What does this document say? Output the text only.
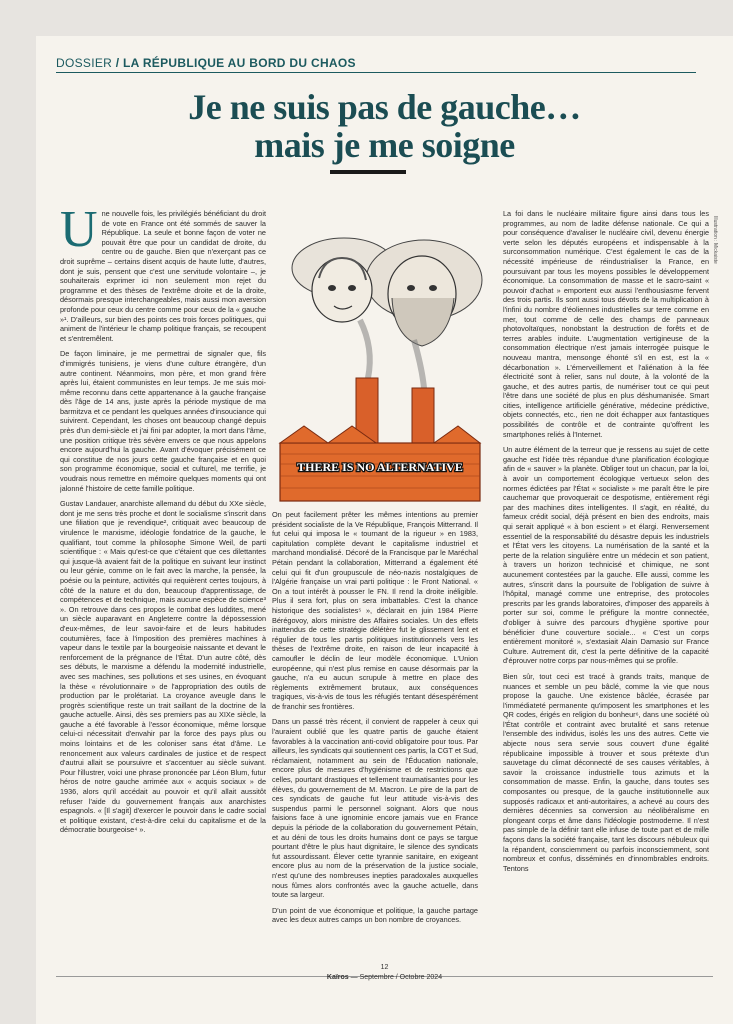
DOSSIER / LA RÉPUBLIQUE AU BORD DU CHAOS
Je ne suis pas de gauche…
mais je me soigne
Illustration : Mickaiste

Une nouvelle fois, les privilégiés bénéficiant du droit de vote en France ont été sommés de sauver la République. La seule et bonne façon de voter ne pouvait être que pour un candidat de droite, du centre ou de gauche. Bien que n'exerçant pas ce droit suprême – certains disent acquis de haute lutte, d'autres, dont je suis, pensent que c'est une servitude volontaire –, je souhaiterais exprimer ici non seulement mon rejet du programme et des thèses de l'extrême droite et de la droite, désormais presque interchangeables, mais aussi mon aversion profonde pour ceux du centre comme pour ceux de la « gauche »¹. D'ailleurs, sur bien des points ces trois forces politiques, qui animent de l'intérieur le champ politique français, se recoupent et s'entremêlent.

De façon liminaire, je me permettrai de signaler que, fils d'immigrés tunisiens, je viens d'une culture étrangère, d'un autre continent. Néanmoins, mon père, et mon grand frère après lui, étaient communistes en leur temps. Je me suis moi-même reconnu dans cette appartenance à la gauche française dès l'âge de 14 ans, juste après la période mystique de ma barmitzva et ce pendant les quelques années d'insouciance qui suivirent. Cependant, les choses ont beaucoup changé depuis près d'un demi-siècle et j'ai fini par adopter, la mort dans l'âme, une position critique très sévère envers ce que nous appelons encore aujourd'hui la gauche. Avant d'évoquer précisément ce qui constitue de nos jours cette gauche française et en quoi son programme économique, social et culturel, me terrifie, je voudrais nous remettre en mémoire quelques moments qui ont jalonné l'histoire de cette famille politique.

Gustav Landauer, anarchiste allemand du début du XXe siècle, dont je me sens très proche et dont le socialisme s'inscrit dans une filiation que je revendique², critiquait avec beaucoup de virulence le marxisme, idéologie fondatrice de la gauche, le qualifiant, tout comme la philosophe Simone Weil, de parti scientifique : « Mais qu'est-ce que c'étaient que ces dilettantes qui jusque-là avaient fait de la politique en suivant leur instinct ou leur génie, comme on le fait avec la marche, la pensée, la poésie ou la peinture, activités qui requièrent certes toujours, à côté de la nature et du don, beaucoup d'apprentissage, de compétences et de technique, mais aucune espèce de science³ ». On retrouve dans ces propos le combat des luddites, mené un siècle auparavant en Angleterre contre la dépossession d'eux-mêmes, de leur savoir-faire et de leurs habitudes coutumières, face à l'imposition des premières machines à vapeur dans le textile par la bourgeoisie naissante et devant le renforcement de la prégnance de l'État. D'un autre côté, dès ses débuts, le marxisme a défendu la modernité industrielle, avec ses machines, ses pollutions et ses usines, en évoquant la thèse « révolutionnaire » de l'appropriation des outils de production par le prolétariat. La croyance aveugle dans le progrès scientifique reste un trait saillant de la doctrine de la gauche actuelle. Ainsi, dès ses premiers pas au XIXe siècle, la gauche a été favorable à l'essor économique, même lorsque celui-ci nécessitait d'envahir par la force des pays plus ou moins lointains et de les coloniser sans état d'âme. Le renoncement aux valeurs cardinales de justice et de respect d'autrui allait se poursuivre et s'accentuer au siècle suivant. Pour l'illustrer, voici une phrase prononcée par Léon Blum, futur héros de notre gauche arrimée aux « acquis sociaux » de 1936, alors qu'il accédait au pouvoir et qu'il allait aussitôt refuser l'aide du gouvernement français aux anarchistes espagnols. « [Il s'agit] d'exercer le pouvoir dans le cadre social et politique existant, c'est-à-dire celui du capitalisme et de la démocratie bourgeoise⁴ ».

THERE IS NO ALTERNATIVE

On peut facilement prêter les mêmes intentions au premier président socialiste de la Ve République, François Mitterrand. Il fut celui qui imposa le « tournant de la rigueur » en 1983, capitulation complète devant le capitalisme industriel et marchand mondialisé. Décoré de la Francisque par le Maréchal Pétain pendant la collaboration, Mitterrand a également été celui qui fit d'un groupuscule de néo-nazis nostalgiques de l'Algérie française un vrai parti politique : le Front National. « On a tout intérêt à pousser le FN. Il rend la droite inéligible. Plus il sera fort, plus on sera imbattables. C'est la chance historique des socialistes⁵ », déclarait en juin 1984 Pierre Bérégovoy, alors ministre des Affaires sociales. Un des effets inattendus de cette stratégie délétère fut le glissement lent et régulier de tous les partis politiques institutionnels vers les thèses de l'extrême droite, en raison de leur incapacité à camoufler le déclin de leur modèle économique. L'Union européenne, qui n'est plus remise en cause désormais par la gauche, n'a eu aucun scrupule à mettre en place des règlements extrêmement brutaux, aux conséquences tragiques, vis-à-vis de tous les réfugiés tentant désespérément de franchir ses frontières.

Dans un passé très récent, il convient de rappeler à ceux qui l'auraient oublié que les quatre partis de gauche étaient favorables à la vaccination anti-covid obligatoire pour tous. Par ailleurs, les syndicats qui soutiennent ces partis, la CGT et Sud, réclamaient, notamment au sein de l'Éducation nationale, encore plus de mesures d'hygiénisme et de restrictions que celles, pourtant drastiques et tellement traumatisantes pour les élèves, du gouvernement de M. Macron. Le pire de la part de ces syndicats de gauche fut leur attitude vis-à-vis des suspendus parmi le personnel soignant. Alors que nous faisions face à une ignominie encore jamais vue en France depuis la période de la collaboration du gouvernement Pétain, et au déni de tous les droits humains dont ce pays se targue pourtant d'être le plus haut dignitaire, le silence des syndicats fut assourdissant. Élever cette tyrannie sanitaire, en exigeant encore plus au nom de la préservation de la justice sociale, n'est qu'une des nombreuses inepties paradoxales auxquelles nous fûmes alors confrontés avec la gauche actuelle, dans toute sa largeur.

D'un point de vue économique et politique, la gauche partage avec les deux autres camps un bon nombre de croyances.

La foi dans le nucléaire militaire figure ainsi dans tous les programmes, au nom de ladite défense nationale. Ce qui a pour conséquence d'avaliser le nucléaire civil, devenu énergie verte selon les députés européens et indispensable à la surconsommation numérique. C'est également le cas de la nécessité impérieuse de réindustrialiser la France, en poursuivant par tous les moyens possibles le développement économique. La consommation de masse et le sacro-saint « pouvoir d'achat » emportent eux aussi l'enthousiasme fervent des trois partis. Ils sont aussi tous dévots de la multiplication à l'infini du nombre d'éoliennes industrielles sur terre comme en mer, tout comme de celle des champs de panneaux photovoltaïques, nonobstant la destruction de forêts et de terres arables induite. L'augmentation vertigineuse de la consommation électrique n'est jamais interrogée puisque le nouveau mantra, mensonge éhonté s'il en est, est la « décarbonation ». L'émerveillement et l'aliénation à la fée électricité sont à relier, sans nul doute, à la volonté de la gauche, et des autres partis, de numériser tout ce qui peut l'être dans une société de plus en plus déshumanisée. Smart cities, intelligence artificielle générative, médecine prédictive, objets connectés, etc., rien ne doit échapper aux fantastiques possibilités de contrôle et de contrainte qu'offrent les smartphones reliés à l'Internet.

Un autre élément de la terreur que je ressens au sujet de cette gauche est l'idée très répandue d'une planification écologique afin de « sauver » la planète. Obliger tout un chacun, par la loi, à avoir un comportement écologique vertueux selon des normes édictées par l'État « socialiste » me paraît être le pire cauchemar que provoquerait ce despotisme, entièrement régi par des machines dites intelligentes. Il s'agit, en réalité, du fameux crédit social, déjà présent en bien des endroits, mais qui serait appliqué « à bon escient » et élargi. Renversement essentiel de la responsabilité du désastre depuis les industriels et l'État vers les citoyens. La numérisation de la santé et la perte de la relation singulière entre un médecin et son patient, à travers un horizon technicisé et chimique, ne sont aucunement contestées par la gauche. Elle aussi, comme les autres, s'inscrit dans la poursuite de l'obligation de suivre à l'hôpital, managé comme une entreprise, des protocoles prescrits par les grands laboratoires, d'imposer des appareils à porter sur soi, comme le préfigure la montre connectée, d'obliger à suivre des parcours d'hygiène sportive pour bénéficier d'une couverture sociale... « C'est un corps entièrement monitoré », s'extasiait Alain Damasio sur France Culture. Autrement dit, c'est la perte définitive de la capacité d'éprouver notre corps par nous-mêmes qui se profile.

Bien sûr, tout ceci est tracé à grands traits, manque de nuances et semble un peu bâclé, comme la vie que nous propose la gauche. Une existence bâclée, écrasée par l'immédiateté permanente qu'imposent les smartphones et les QR codes, érigés en religion du bonheur⁶, dans une société où l'État contrôle et contraint avec brutalité et sans retenue l'ensemble des individus, isolés les uns des autres. Cette vie abjecte nous sera servie sous couvert d'une égalité républicaine impossible à trouver et sous prétexte d'un sauvetage du climat déconnecté de ses causes véritables, à savoir la croissance industrielle tous azimuts et la consommation de masse. Enfin, la gauche, dans toutes ses composantes ou presque, de la gauche institutionnelle aux supposés radicaux et anti-autoritaires, a achevé au cours des dernières décennies sa conversion au néolibéralisme en plongeant corps et âme dans l'idéologie postmoderne. Il n'est pas simple de la définir tant elle infuse de toute part et de mille façons dans la société française, tant les discours nébuleux qui la répandent, consciemment ou parfois inconsciemment, sont nombreux et confus, disséminés en d'innombrables endroits. Tentons

12
Kaïros — Septembre / Octobre 2024
